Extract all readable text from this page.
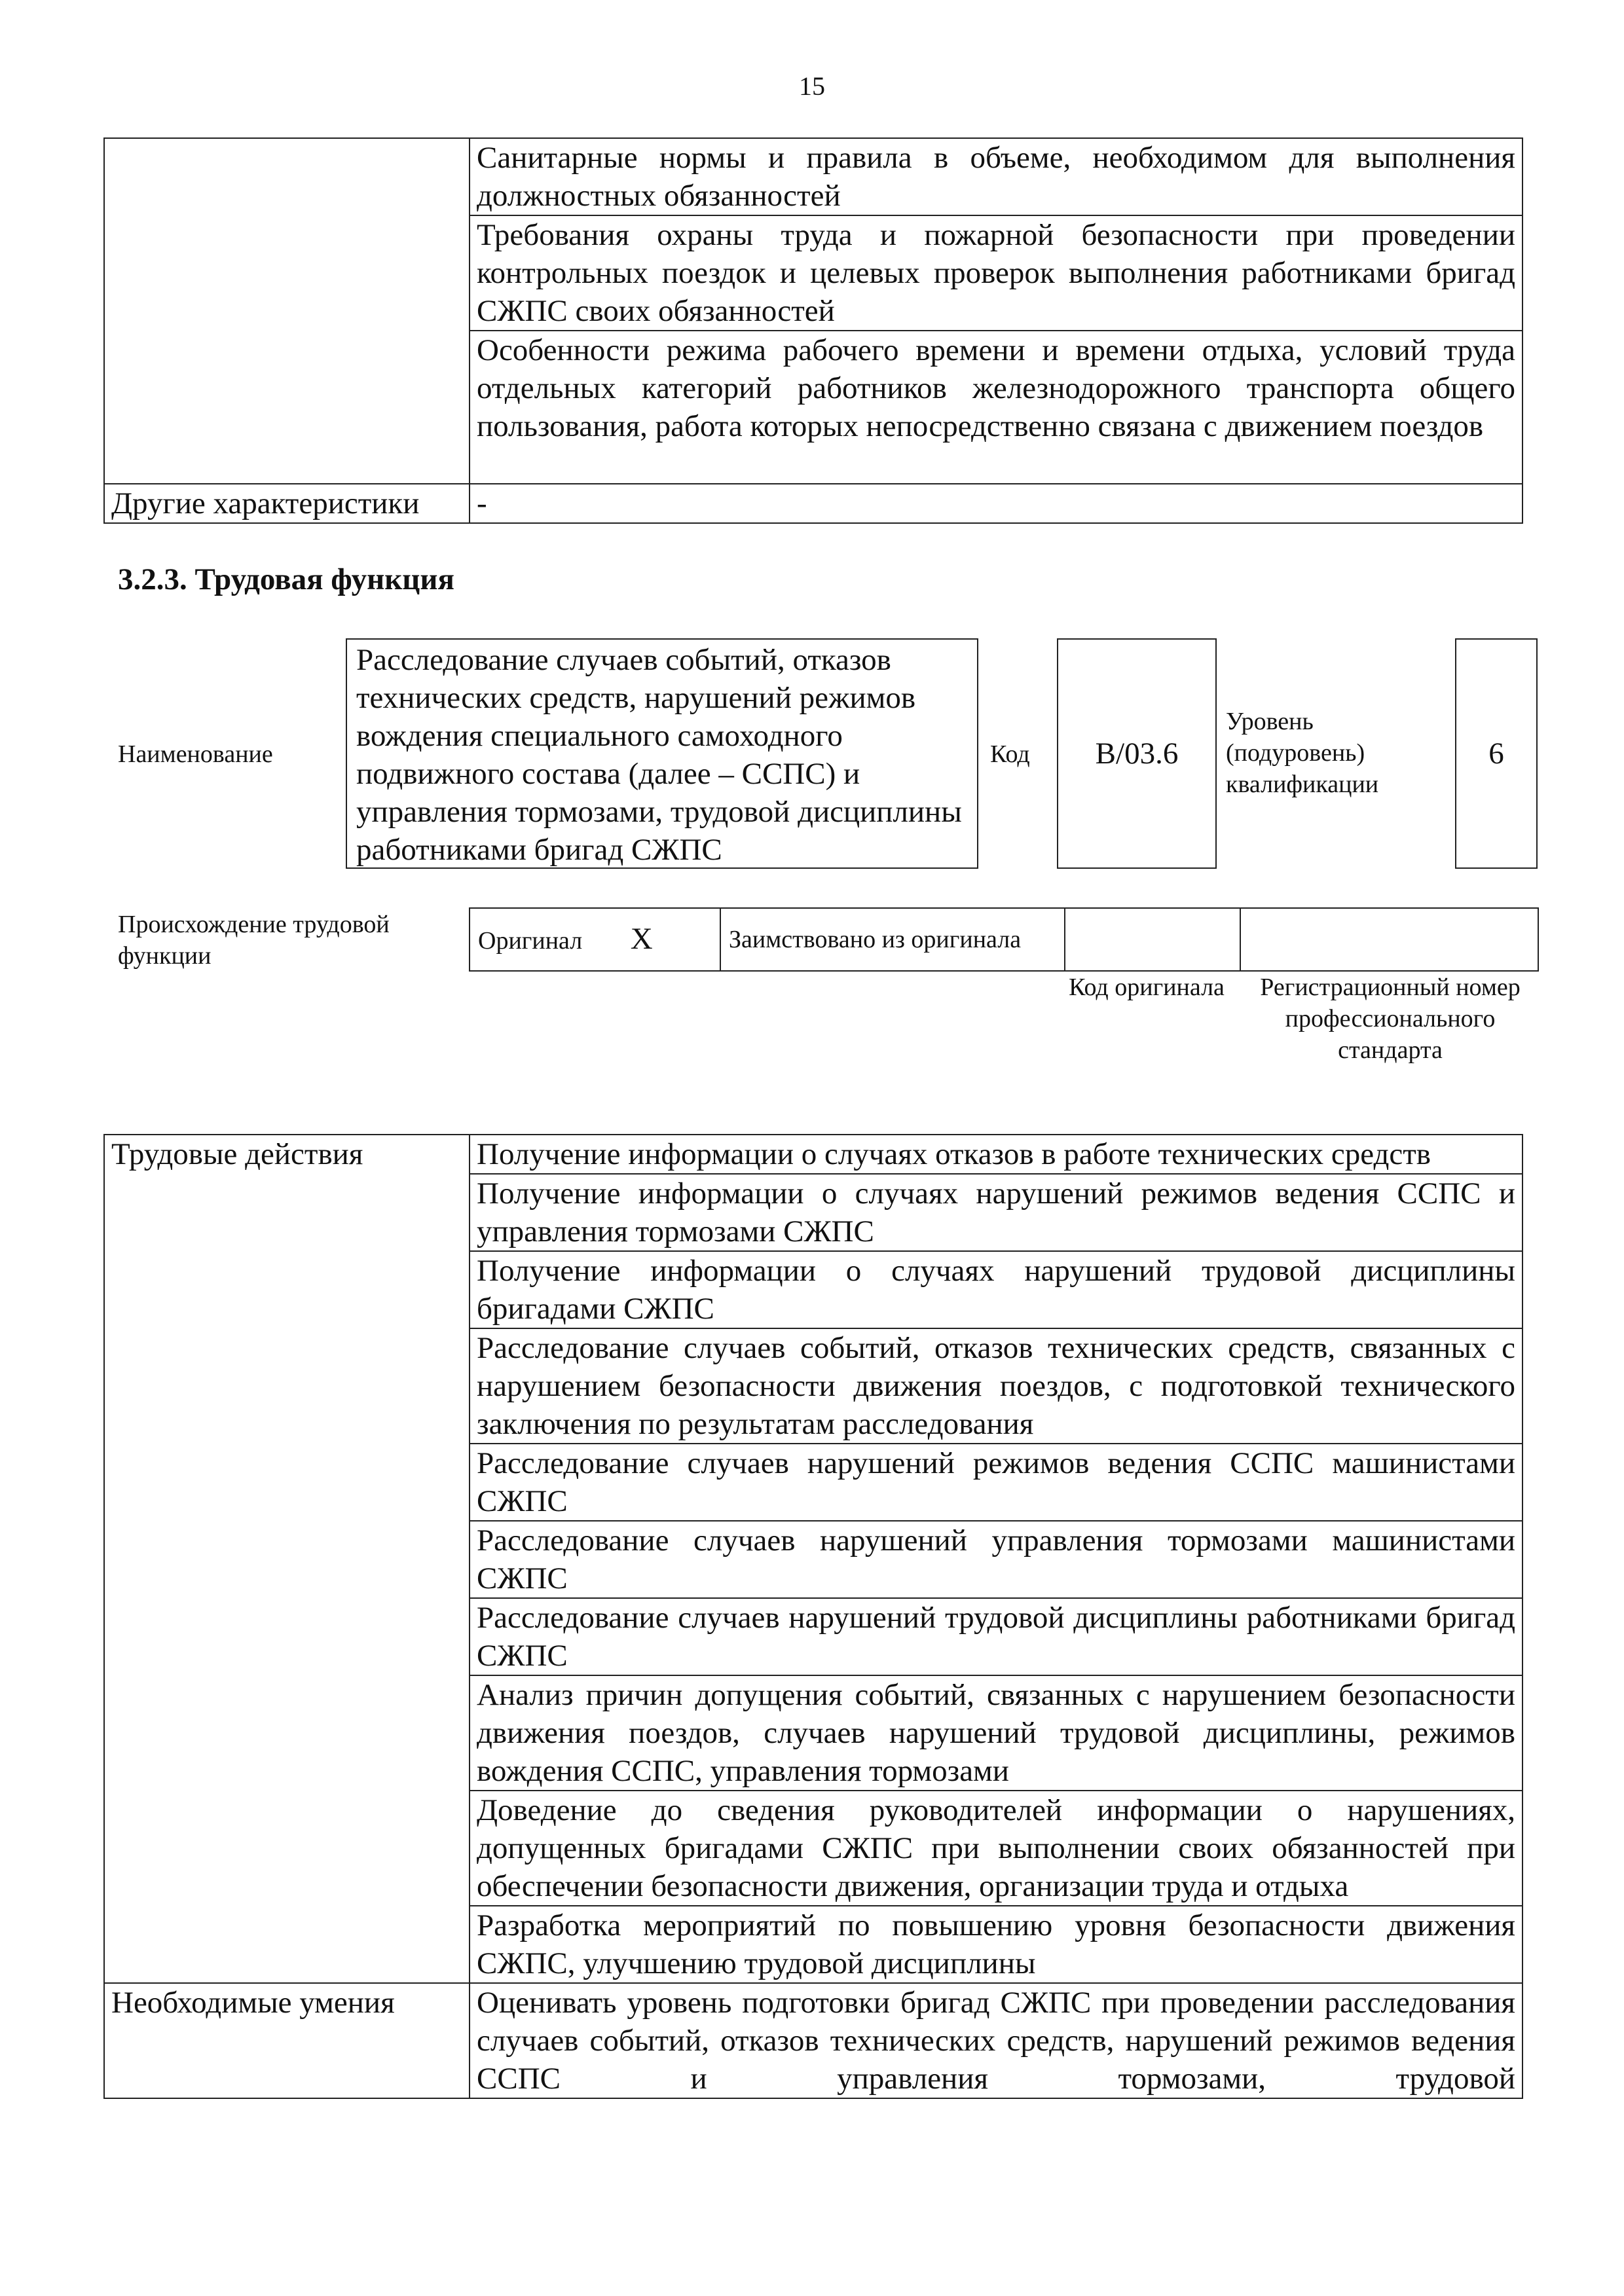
15
	Санитарные нормы и правила в объеме, необходимом для выполнения должностных обязанностей
	Требования охраны труда и пожарной безопасности при проведении контрольных поездок и целевых проверок выполнения работниками бригад СЖПС своих обязанностей
	Особенности режима рабочего времени и времени отдыха, условий труда отдельных категорий работников железнодорожного транспорта общего пользования, работа которых непосредственно связана с движением поездов
Другие характеристики	-
3.2.3. Трудовая функция
Наименование
Расследование случаев событий, отказов технических средств, нарушений режимов вождения специального самоходного подвижного состава (далее – ССПС) и управления тормозами, трудовой дисциплины работниками бригад СЖПС
Код B/03.6
Уровень (подуровень) квалификации
6
Происхождение трудовой функции
Оригинал X	Заимствовано из оригинала		
Код оригинала	Регистрационный номер профессионального стандарта
Трудовые действия	Получение информации о случаях отказов в работе технических средств
	Получение информации о случаях нарушений режимов ведения ССПС и управления тормозами СЖПС
	Получение информации о случаях нарушений трудовой дисциплины бригадами СЖПС
	Расследование случаев событий, отказов технических средств, связанных с нарушением безопасности движения поездов, с подготовкой технического заключения по результатам расследования
	Расследование случаев нарушений режимов ведения ССПС машинистами СЖПС
	Расследование случаев нарушений управления тормозами машинистами СЖПС
	Расследование случаев нарушений трудовой дисциплины работниками бригад СЖПС
	Анализ причин допущения событий, связанных с нарушением безопасности движения поездов, случаев нарушений трудовой дисциплины, режимов вождения ССПС, управления тормозами
	Доведение до сведения руководителей информации о нарушениях, допущенных бригадами СЖПС при выполнении своих обязанностей при обеспечении безопасности движения, организации труда и отдыха
	Разработка мероприятий по повышению уровня безопасности движения СЖПС, улучшению трудовой дисциплины
Необходимые умения	Оценивать уровень подготовки бригад СЖПС при проведении расследования случаев событий, отказов технических средств, нарушений режимов ведения ССПС и управления тормозами, трудовой
